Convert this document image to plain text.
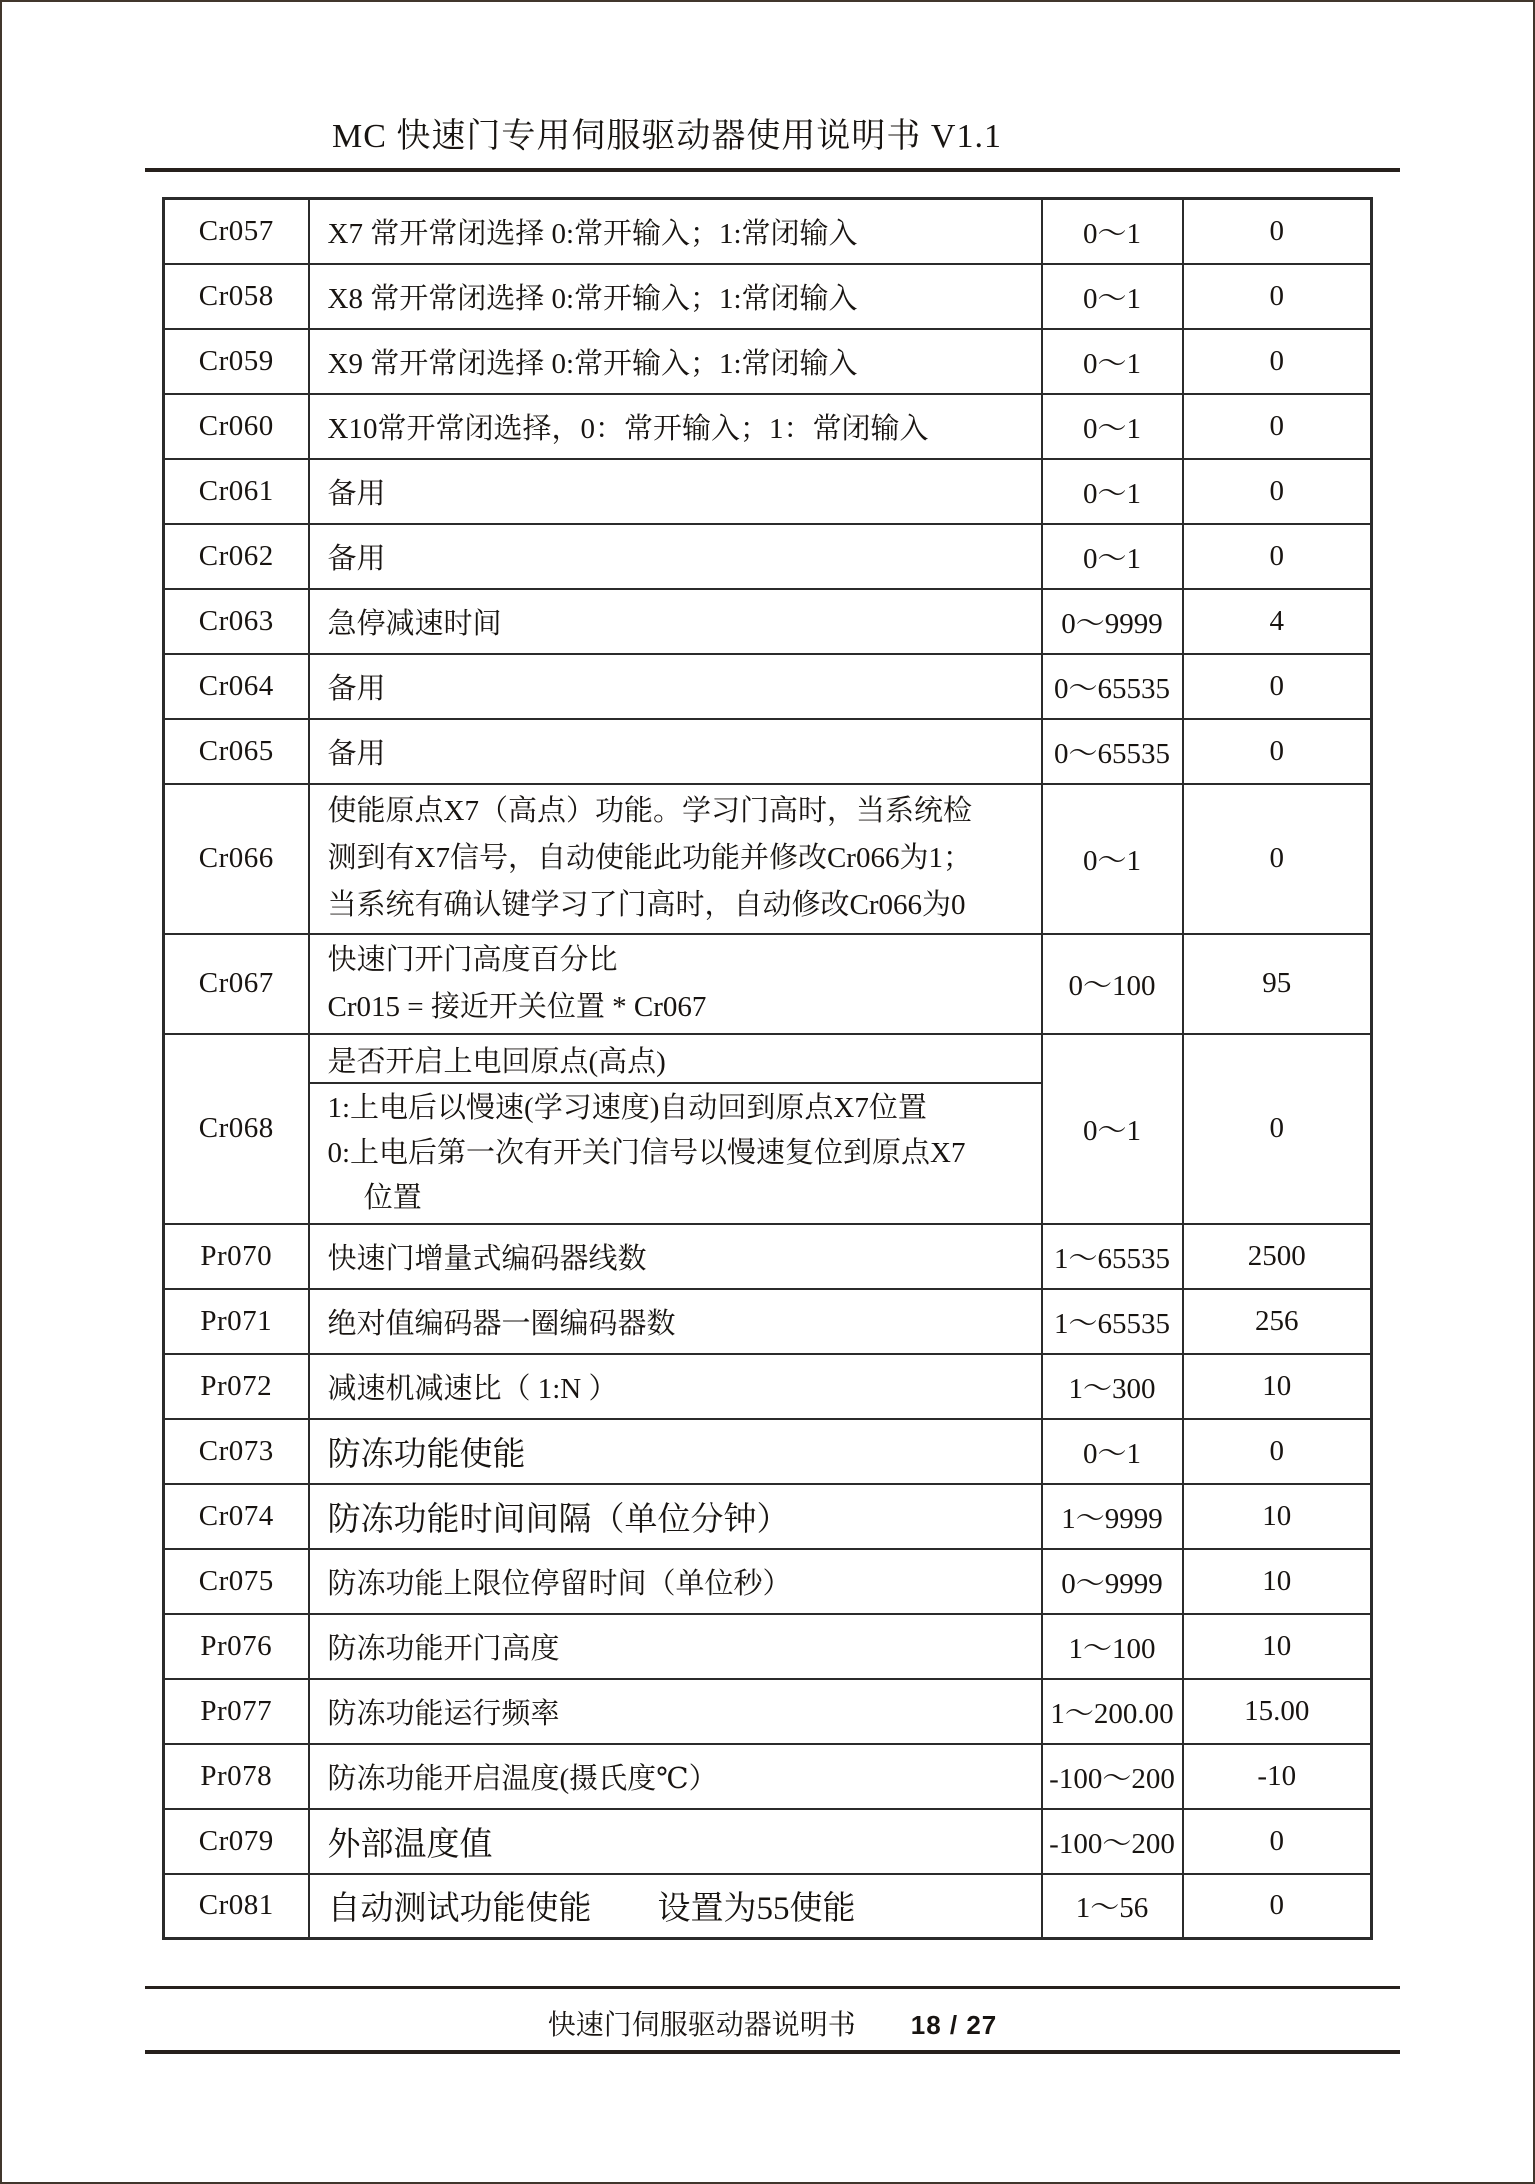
MC 快速门专用伺服驱动器使用说明书 V1.1
Cr057	X7 常开常闭选择 0:常开输入；1:常闭输入	0～1	0
Cr058	X8 常开常闭选择 0:常开输入；1:常闭输入	0～1	0
Cr059	X9 常开常闭选择 0:常开输入；1:常闭输入	0～1	0
Cr060	X10常开常闭选择，0：常开输入；1：常闭输入	0～1	0
Cr061	备用	0～1	0
Cr062	备用	0～1	0
Cr063	急停减速时间	0～9999	4
Cr064	备用	0～65535	0
Cr065	备用	0～65535	0
Cr066	使能原点X7（高点）功能。学习门高时，当系统检
测到有X7信号，自动使能此功能并修改Cr066为1；
当系统有确认键学习了门高时，自动修改Cr066为0	0～1	0
Cr067	快速门开门高度百分比
Cr015 = 接近开关位置 * Cr067	0～100	95
Cr068	是否开启上电回原点(高点)
1:上电后以慢速(学习速度)自动回到原点X7位置
0:上电后第一次有开关门信号以慢速复位到原点X7
　 位置	0～1	0
Pr070	快速门增量式编码器线数	1～65535	2500
Pr071	绝对值编码器一圈编码器数	1～65535	256
Pr072	减速机减速比（ 1:N ）	1～300	10
Cr073	防冻功能使能	0～1	0
Cr074	防冻功能时间间隔（单位分钟）	1～9999	10
Cr075	防冻功能上限位停留时间（单位秒）	0～9999	10
Pr076	防冻功能开门高度	1～100	10
Pr077	防冻功能运行频率	1～200.00	15.00
Pr078	防冻功能开启温度(摄氏度℃）	-100～200	-10
Cr079	外部温度值	-100～200	0
Cr081	自动测试功能使能　　设置为55使能	1～56	0
快速门伺服驱动器说明书 18 / 27
